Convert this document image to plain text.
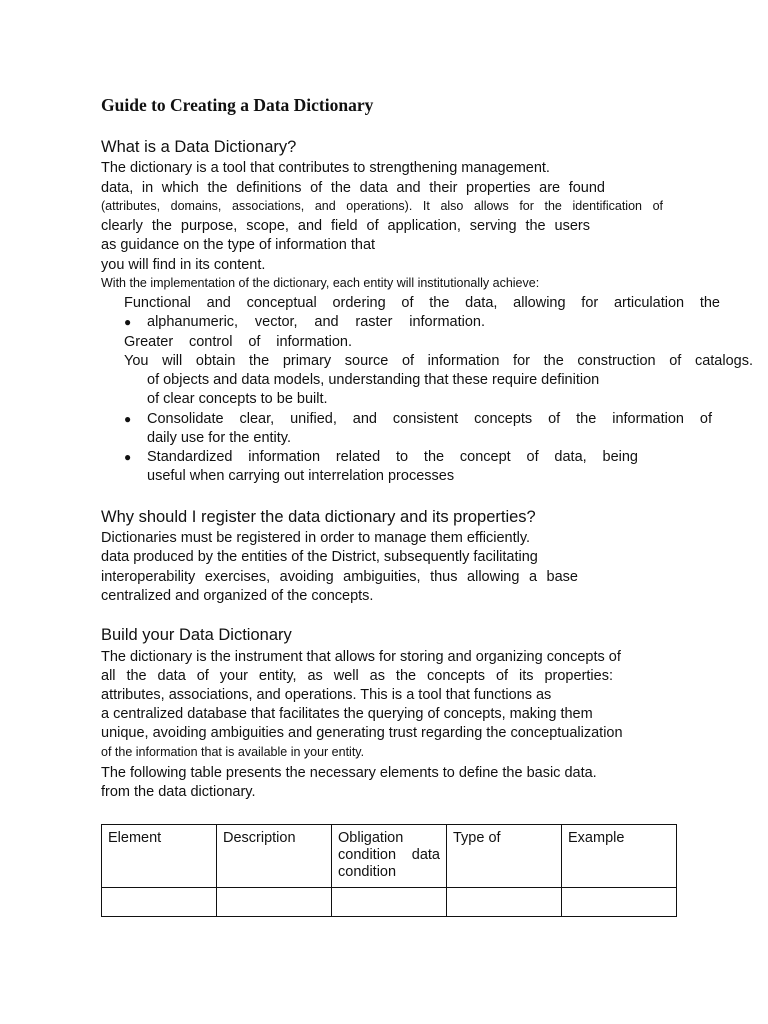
Guide to Creating a Data Dictionary
What is a Data Dictionary?
The dictionary is a tool that contributes to strengthening management.
data, in which the definitions of the data and their properties are found
(attributes, domains, associations, and operations). It also allows for the identification of
clearly the purpose, scope, and field of application, serving the users
as guidance on the type of information that
you will find in its content.
With the implementation of the dictionary, each entity will institutionally achieve:
Functional and conceptual ordering of the data, allowing for articulation the
● alphanumeric, vector, and raster information.
Greater control of information.
You will obtain the primary source of information for the construction of catalogs.
of objects and data models, understanding that these require definition
of clear concepts to be built.
● Consolidate clear, unified, and consistent concepts of the information of
daily use for the entity.
● Standardized information related to the concept of data, being
useful when carrying out interrelation processes
Why should I register the data dictionary and its properties?
Dictionaries must be registered in order to manage them efficiently.
data produced by the entities of the District, subsequently facilitating
interoperability exercises, avoiding ambiguities, thus allowing a base
centralized and organized of the concepts.
Build your Data Dictionary
The dictionary is the instrument that allows for storing and organizing concepts of
all the data of your entity, as well as the concepts of its properties:
attributes, associations, and operations. This is a tool that functions as
a centralized database that facilitates the querying of concepts, making them
unique, avoiding ambiguities and generating trust regarding the conceptualization
of the information that is available in your entity.
The following table presents the necessary elements to define the basic data.
from the data dictionary.
Element	Description	Obligation condition data condition	Type of	Example
